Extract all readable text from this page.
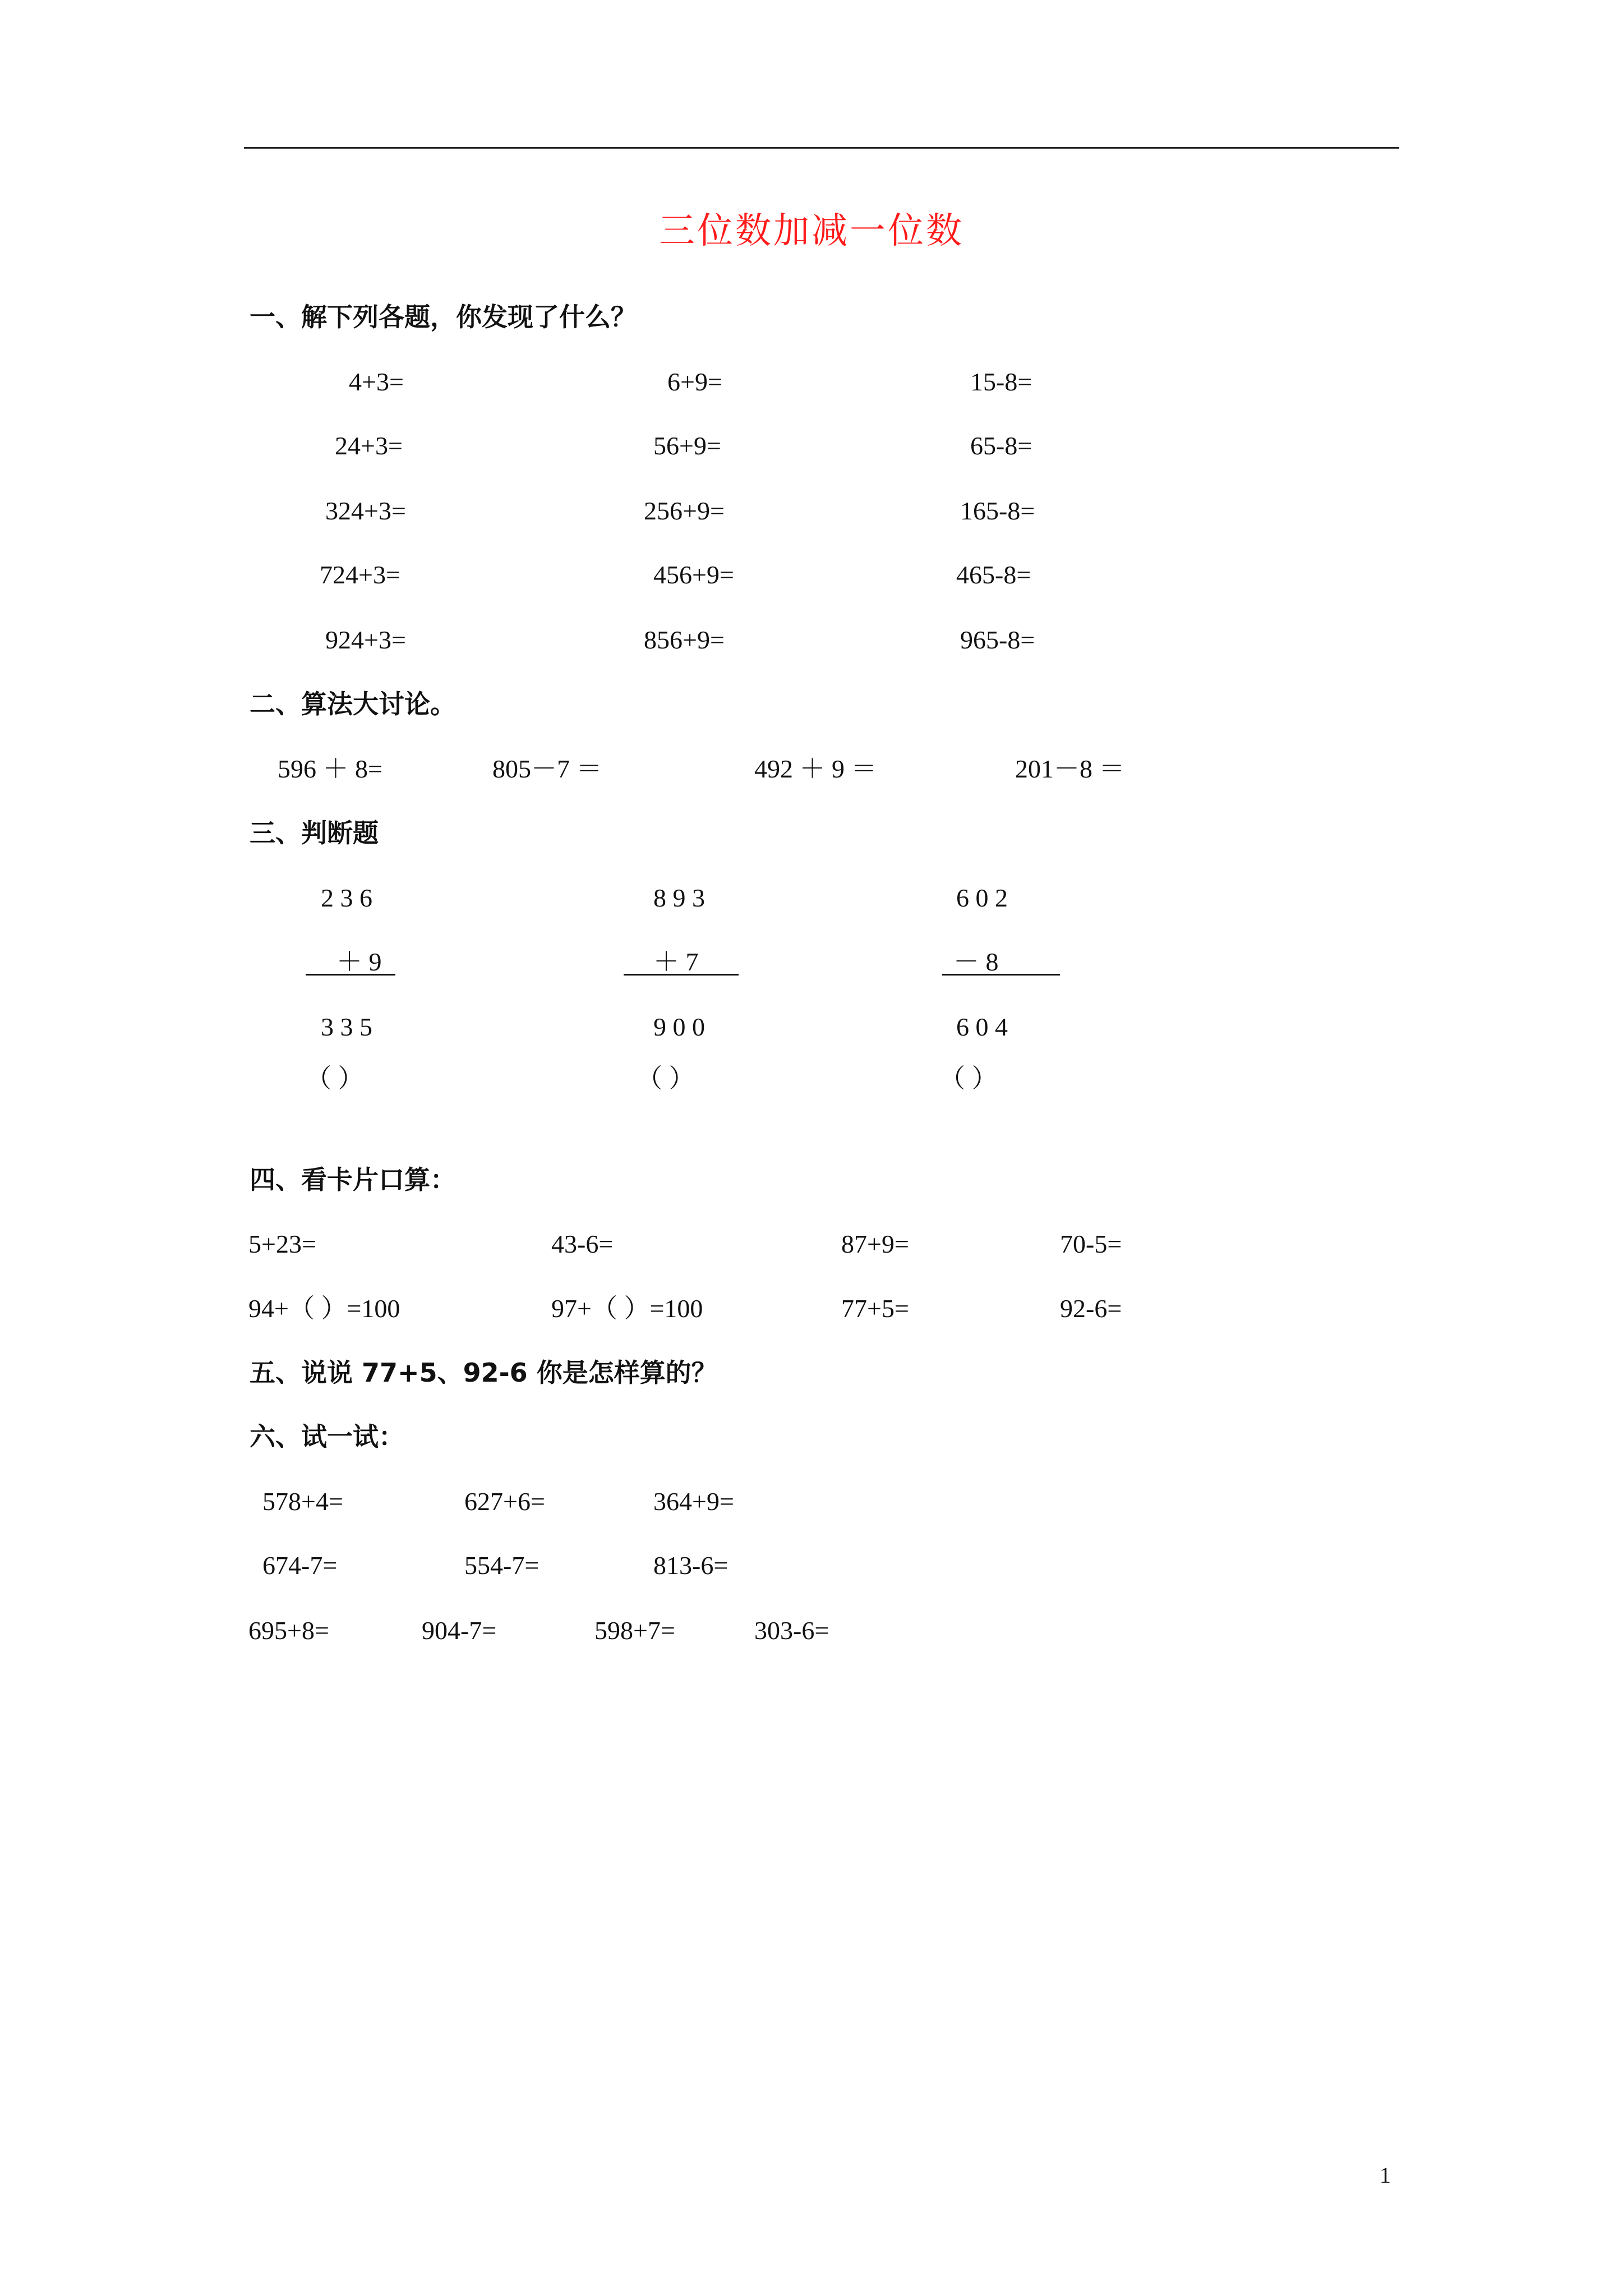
三位数加减一位数
一、解下列各题，你发现了什么？
4+3=	6+9=	15-8=
24+3=	56+9=	65-8=
324+3=	256+9=	165-8=
724+3=	456+9=	465-8=
924+3=	856+9=	965-8=
二、算法大讨论。
596 ＋ 8=	805－7 ＝	492 ＋ 9 ＝	201－8 ＝
三、判断题
2 3 6
＋ 9
3 3 5
（ ）
8 9 3
＋ 7
9 0 0
（ ）
6 0 2
－ 8
6 0 4
（ ）
四、看卡片口算：
5+23=	43-6=	87+9=	70-5=
94+（ ）=100	97+（ ）=100	77+5=	92-6=
五、说说 77+5、92-6 你是怎样算的？
六、试一试：
578+4=	627+6=	364+9=
674-7=	554-7=	813-6=
695+8=	904-7=	598+7=	303-6=
1
